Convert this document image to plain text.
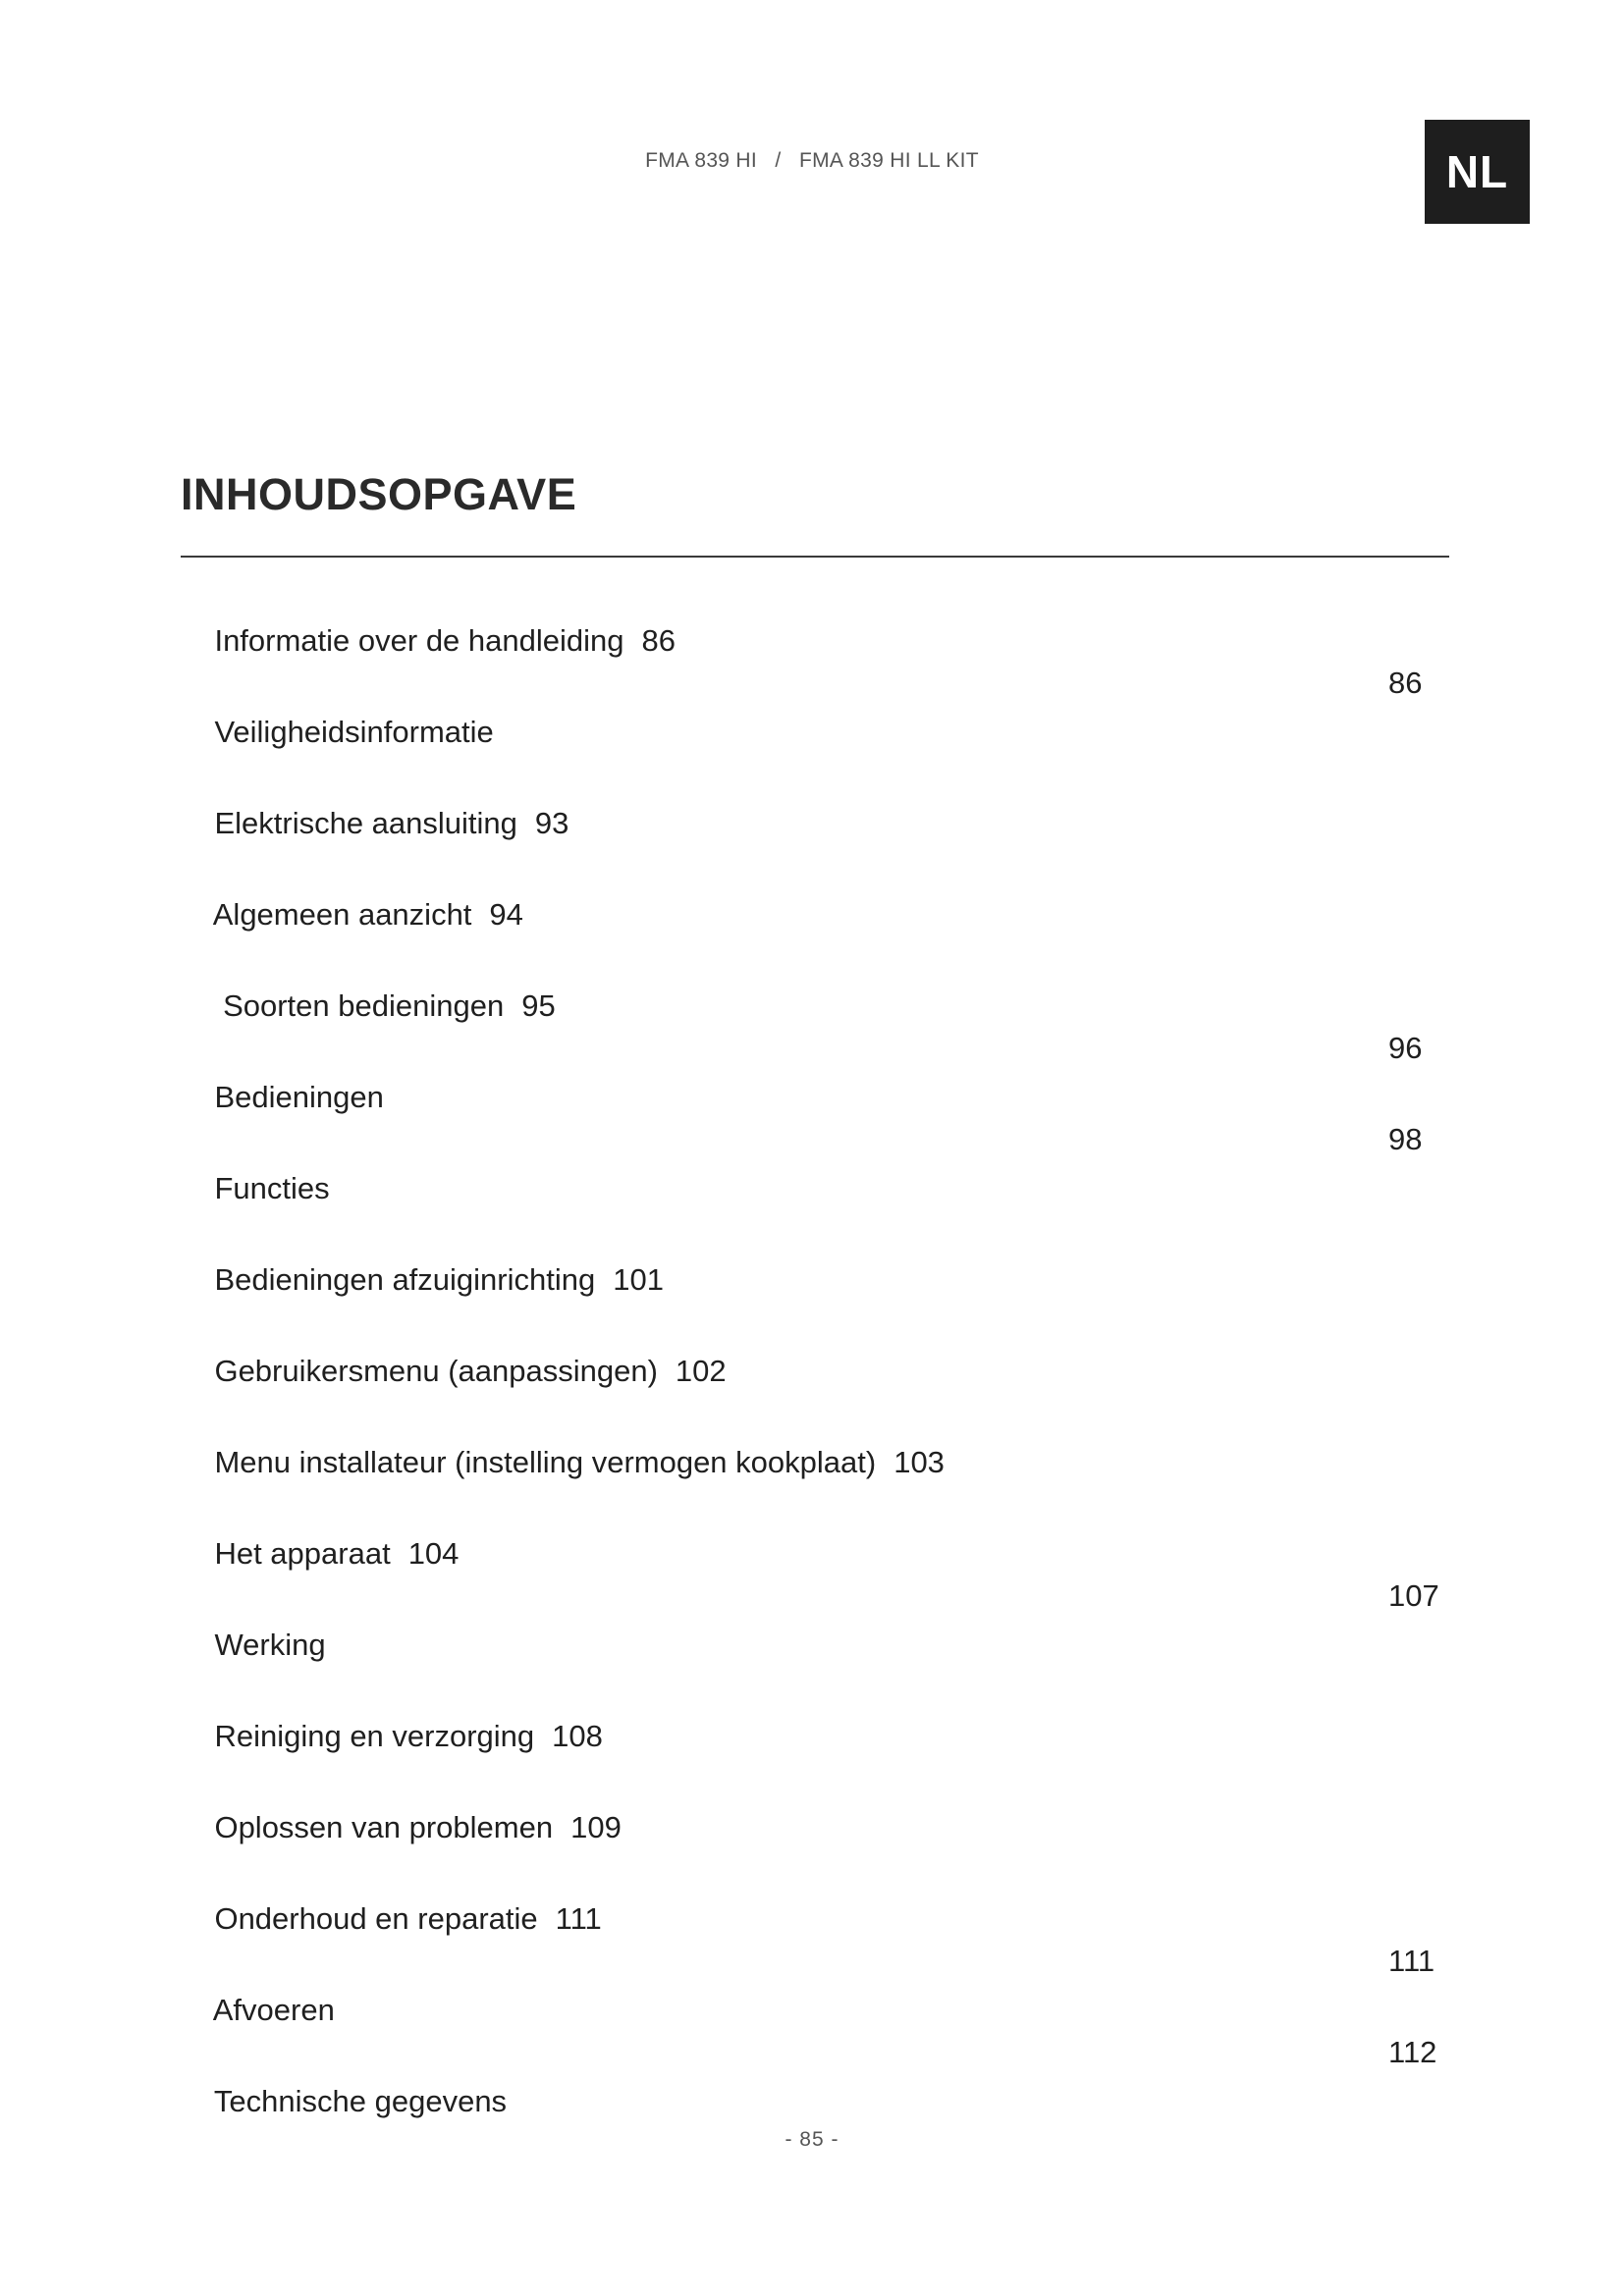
FMA 839 HI   /   FMA 839 HI LL KIT	NL
INHOUDSOPGAVE

Informatie over de handleiding 86

Veiligheidsinformatie
86

Elektrische aansluiting 93

Algemeen aanzicht 94

Soorten bedieningen 95

Bedieningen
96

Functies
98

Bedieningen afzuiginrichting 101

Gebruikersmenu (aanpassingen) 102

Menu installateur (instelling vermogen kookplaat) 103

Het apparaat 104

Werking
107

Reiniging en verzorging 108

Oplossen van problemen 109

Onderhoud en reparatie 111

Afvoeren
111

Technische gegevens
112

- 85 -
